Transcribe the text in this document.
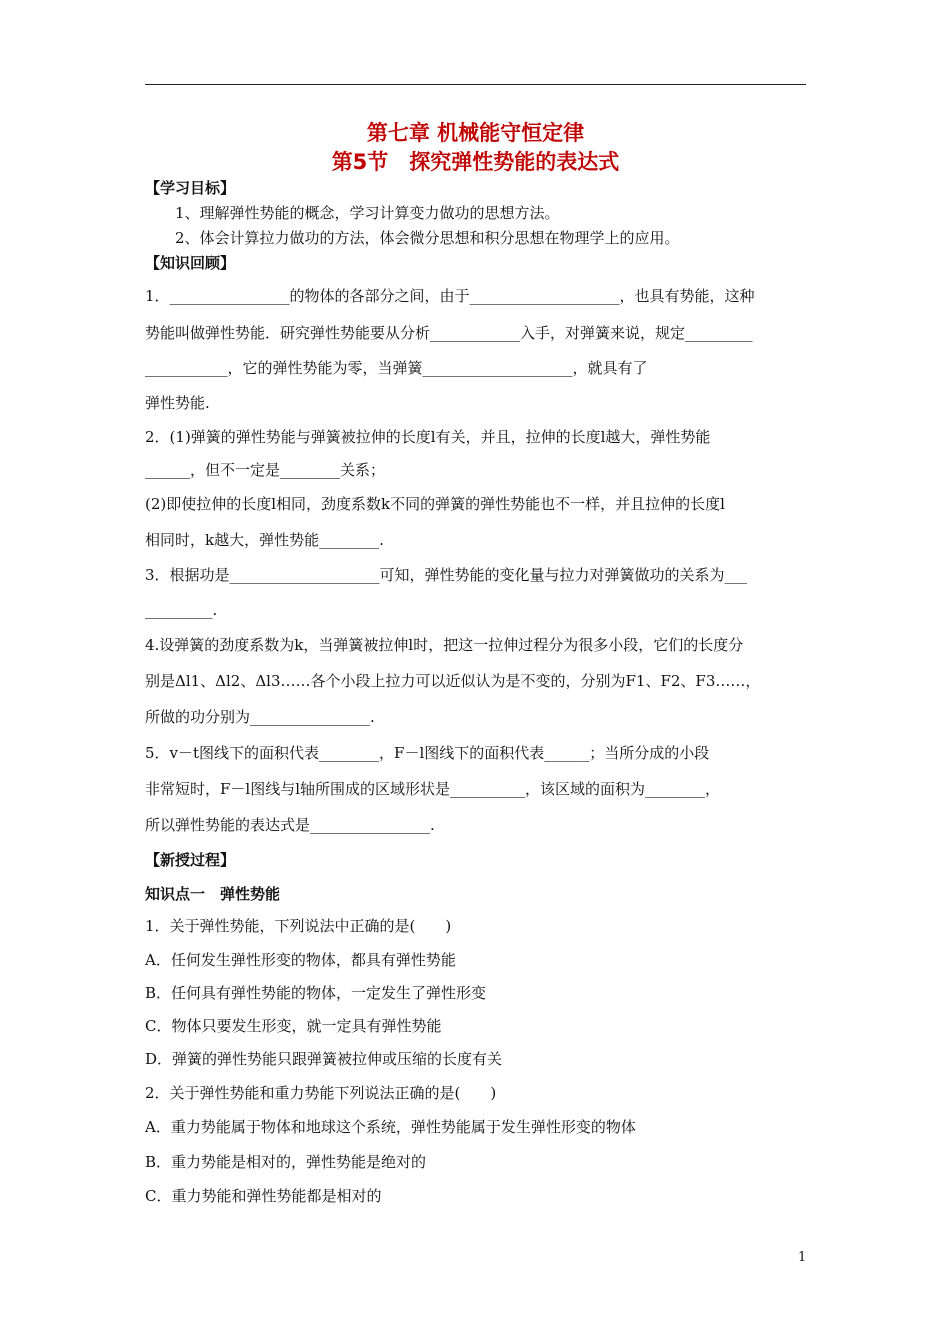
第七章 机械能守恒定律
第5节　探究弹性势能的表达式
【学习目标】
1、理解弹性势能的概念，学习计算变力做功的思想方法。
2、体会计算拉力做功的方法，体会微分思想和积分思想在物理学上的应用。
【知识回顾】
1．________________的物体的各部分之间，由于____________________，也具有势能，这种
势能叫做弹性势能．研究弹性势能要从分析____________入手，对弹簧来说，规定_________
___________，它的弹性势能为零，当弹簧____________________，就具有了
弹性势能.
2．(1)弹簧的弹性势能与弹簧被拉伸的长度l有关，并且，拉伸的长度l越大，弹性势能
______，但不一定是________关系；
(2)即使拉伸的长度l相同，劲度系数k不同的弹簧的弹性势能也不一样，并且拉伸的长度l
相同时，k越大，弹性势能________.
3．根据功是____________________可知，弹性势能的变化量与拉力对弹簧做功的关系为___
_________.
4.设弹簧的劲度系数为k，当弹簧被拉伸l时，把这一拉伸过程分为很多小段，它们的长度分
别是Δl1、Δl2、Δl3……各个小段上拉力可以近似认为是不变的，分别为F1、F2、F3……，
所做的功分别为________________.
5．v－t图线下的面积代表________，F－l图线下的面积代表______；当所分成的小段
非常短时，F－l图线与l轴所围成的区域形状是__________，该区域的面积为________，
所以弹性势能的表达式是________________.
【新授过程】
知识点一　弹性势能
1．关于弹性势能，下列说法中正确的是(　　)
A．任何发生弹性形变的物体，都具有弹性势能
B．任何具有弹性势能的物体，一定发生了弹性形变
C．物体只要发生形变，就一定具有弹性势能
D．弹簧的弹性势能只跟弹簧被拉伸或压缩的长度有关
2．关于弹性势能和重力势能下列说法正确的是(　　)
A．重力势能属于物体和地球这个系统，弹性势能属于发生弹性形变的物体
B．重力势能是相对的，弹性势能是绝对的
C．重力势能和弹性势能都是相对的
1
